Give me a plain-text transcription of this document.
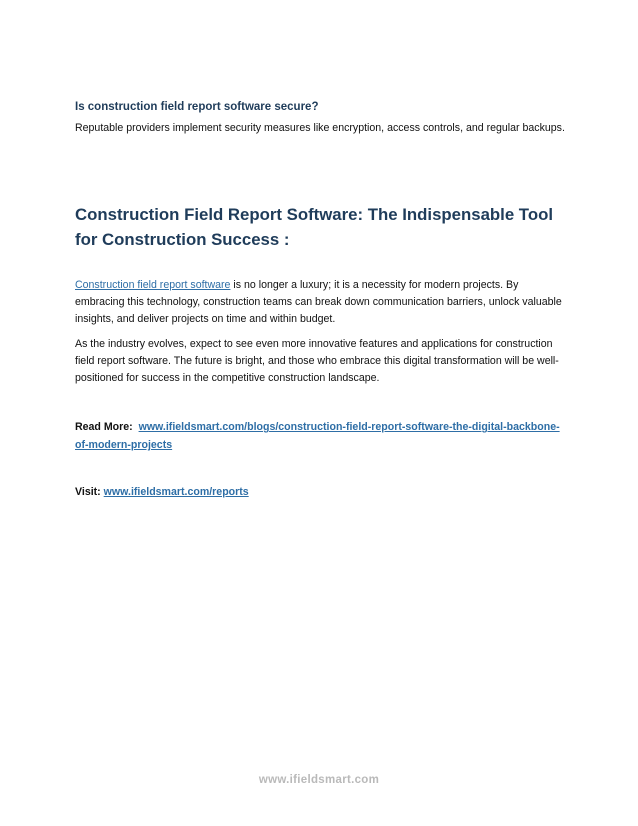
Is construction field report software secure?
Reputable providers implement security measures like encryption, access controls, and regular backups.
Construction Field Report Software: The Indispensable Tool for Construction Success :

Construction field report software is no longer a luxury; it is a necessity for modern projects. By embracing this technology, construction teams can break down communication barriers, unlock valuable insights, and deliver projects on time and within budget.

As the industry evolves, expect to see even more innovative features and applications for construction field report software. The future is bright, and those who embrace this digital transformation will be well-positioned for success in the competitive construction landscape.

Read More: www.ifieldsmart.com/blogs/construction-field-report-software-the-digital-backbone-of-modern-projects
Visit: www.ifieldsmart.com/reports
www.ifieldsmart.com
